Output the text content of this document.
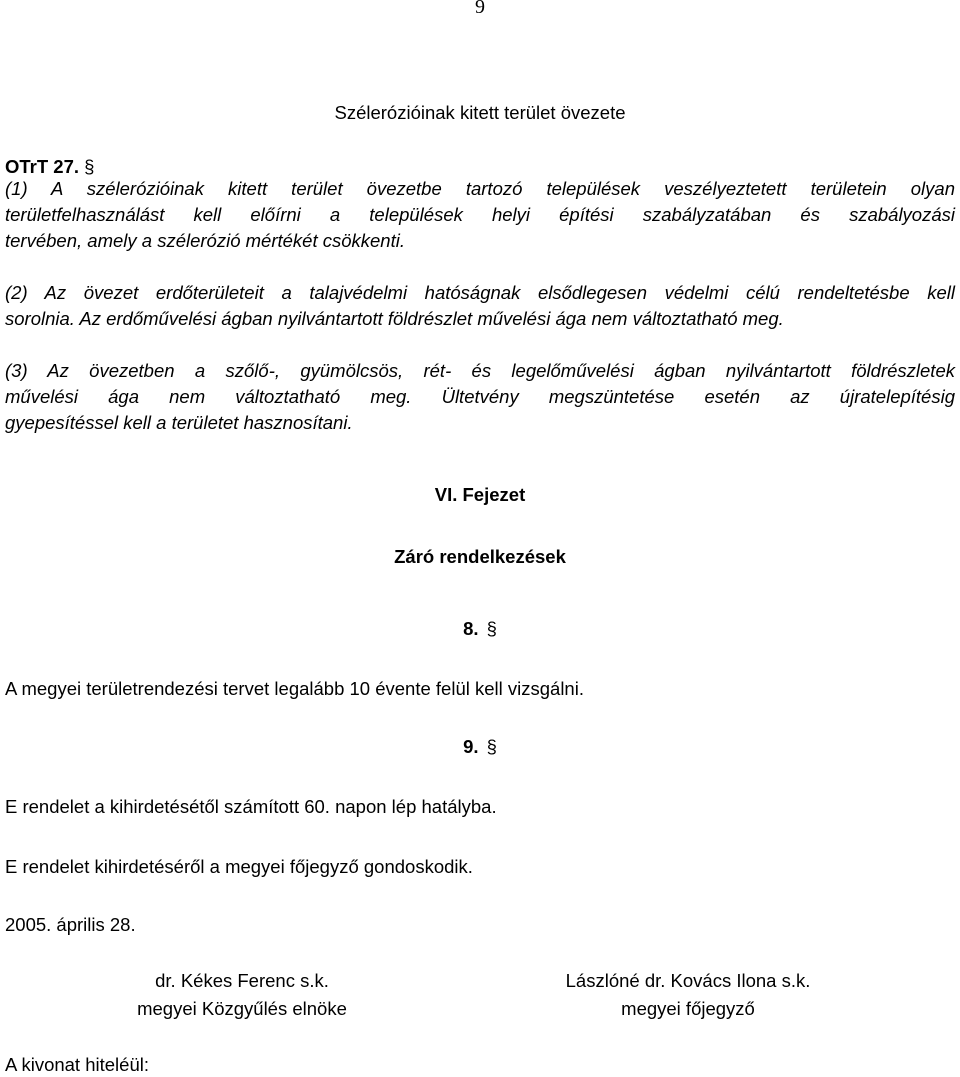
9
Szélerózióinak kitett terület övezete
OTrT 27. §

(1) A szélerózióinak kitett terület övezetbe tartozó települések veszélyeztetett területein olyan

területfelhasználást kell előírni a települések helyi építési szabályzatában és szabályozási

tervében, amely a szélerózió mértékét csökkenti.

(2) Az övezet erdőterületeit a talajvédelmi hatóságnak elsődlegesen védelmi célú rendeltetésbe kell

sorolnia. Az erdőművelési ágban nyilvántartott földrészlet művelési ága nem változtatható meg.

(3) Az övezetben a szőlő-, gyümölcsös, rét- és legelőművelési ágban nyilvántartott földrészletek

művelési ága nem változtatható meg. Ültetvény megszüntetése esetén az újratelepítésig

gyepesítéssel kell a területet hasznosítani.

VI. Fejezet
Záró rendelkezések
8. §
A megyei területrendezési tervet legalább 10 évente felül kell vizsgálni.
9. §
E rendelet a kihirdetésétől számított 60. napon lép hatályba.
E rendelet kihirdetéséről a megyei főjegyző gondoskodik.
2005. április 28.
dr. Kékes Ferenc s.k.
megyei Közgyűlés elnöke
Lászlóné dr. Kovács Ilona s.k.
megyei főjegyző
A kivonat hiteléül:
